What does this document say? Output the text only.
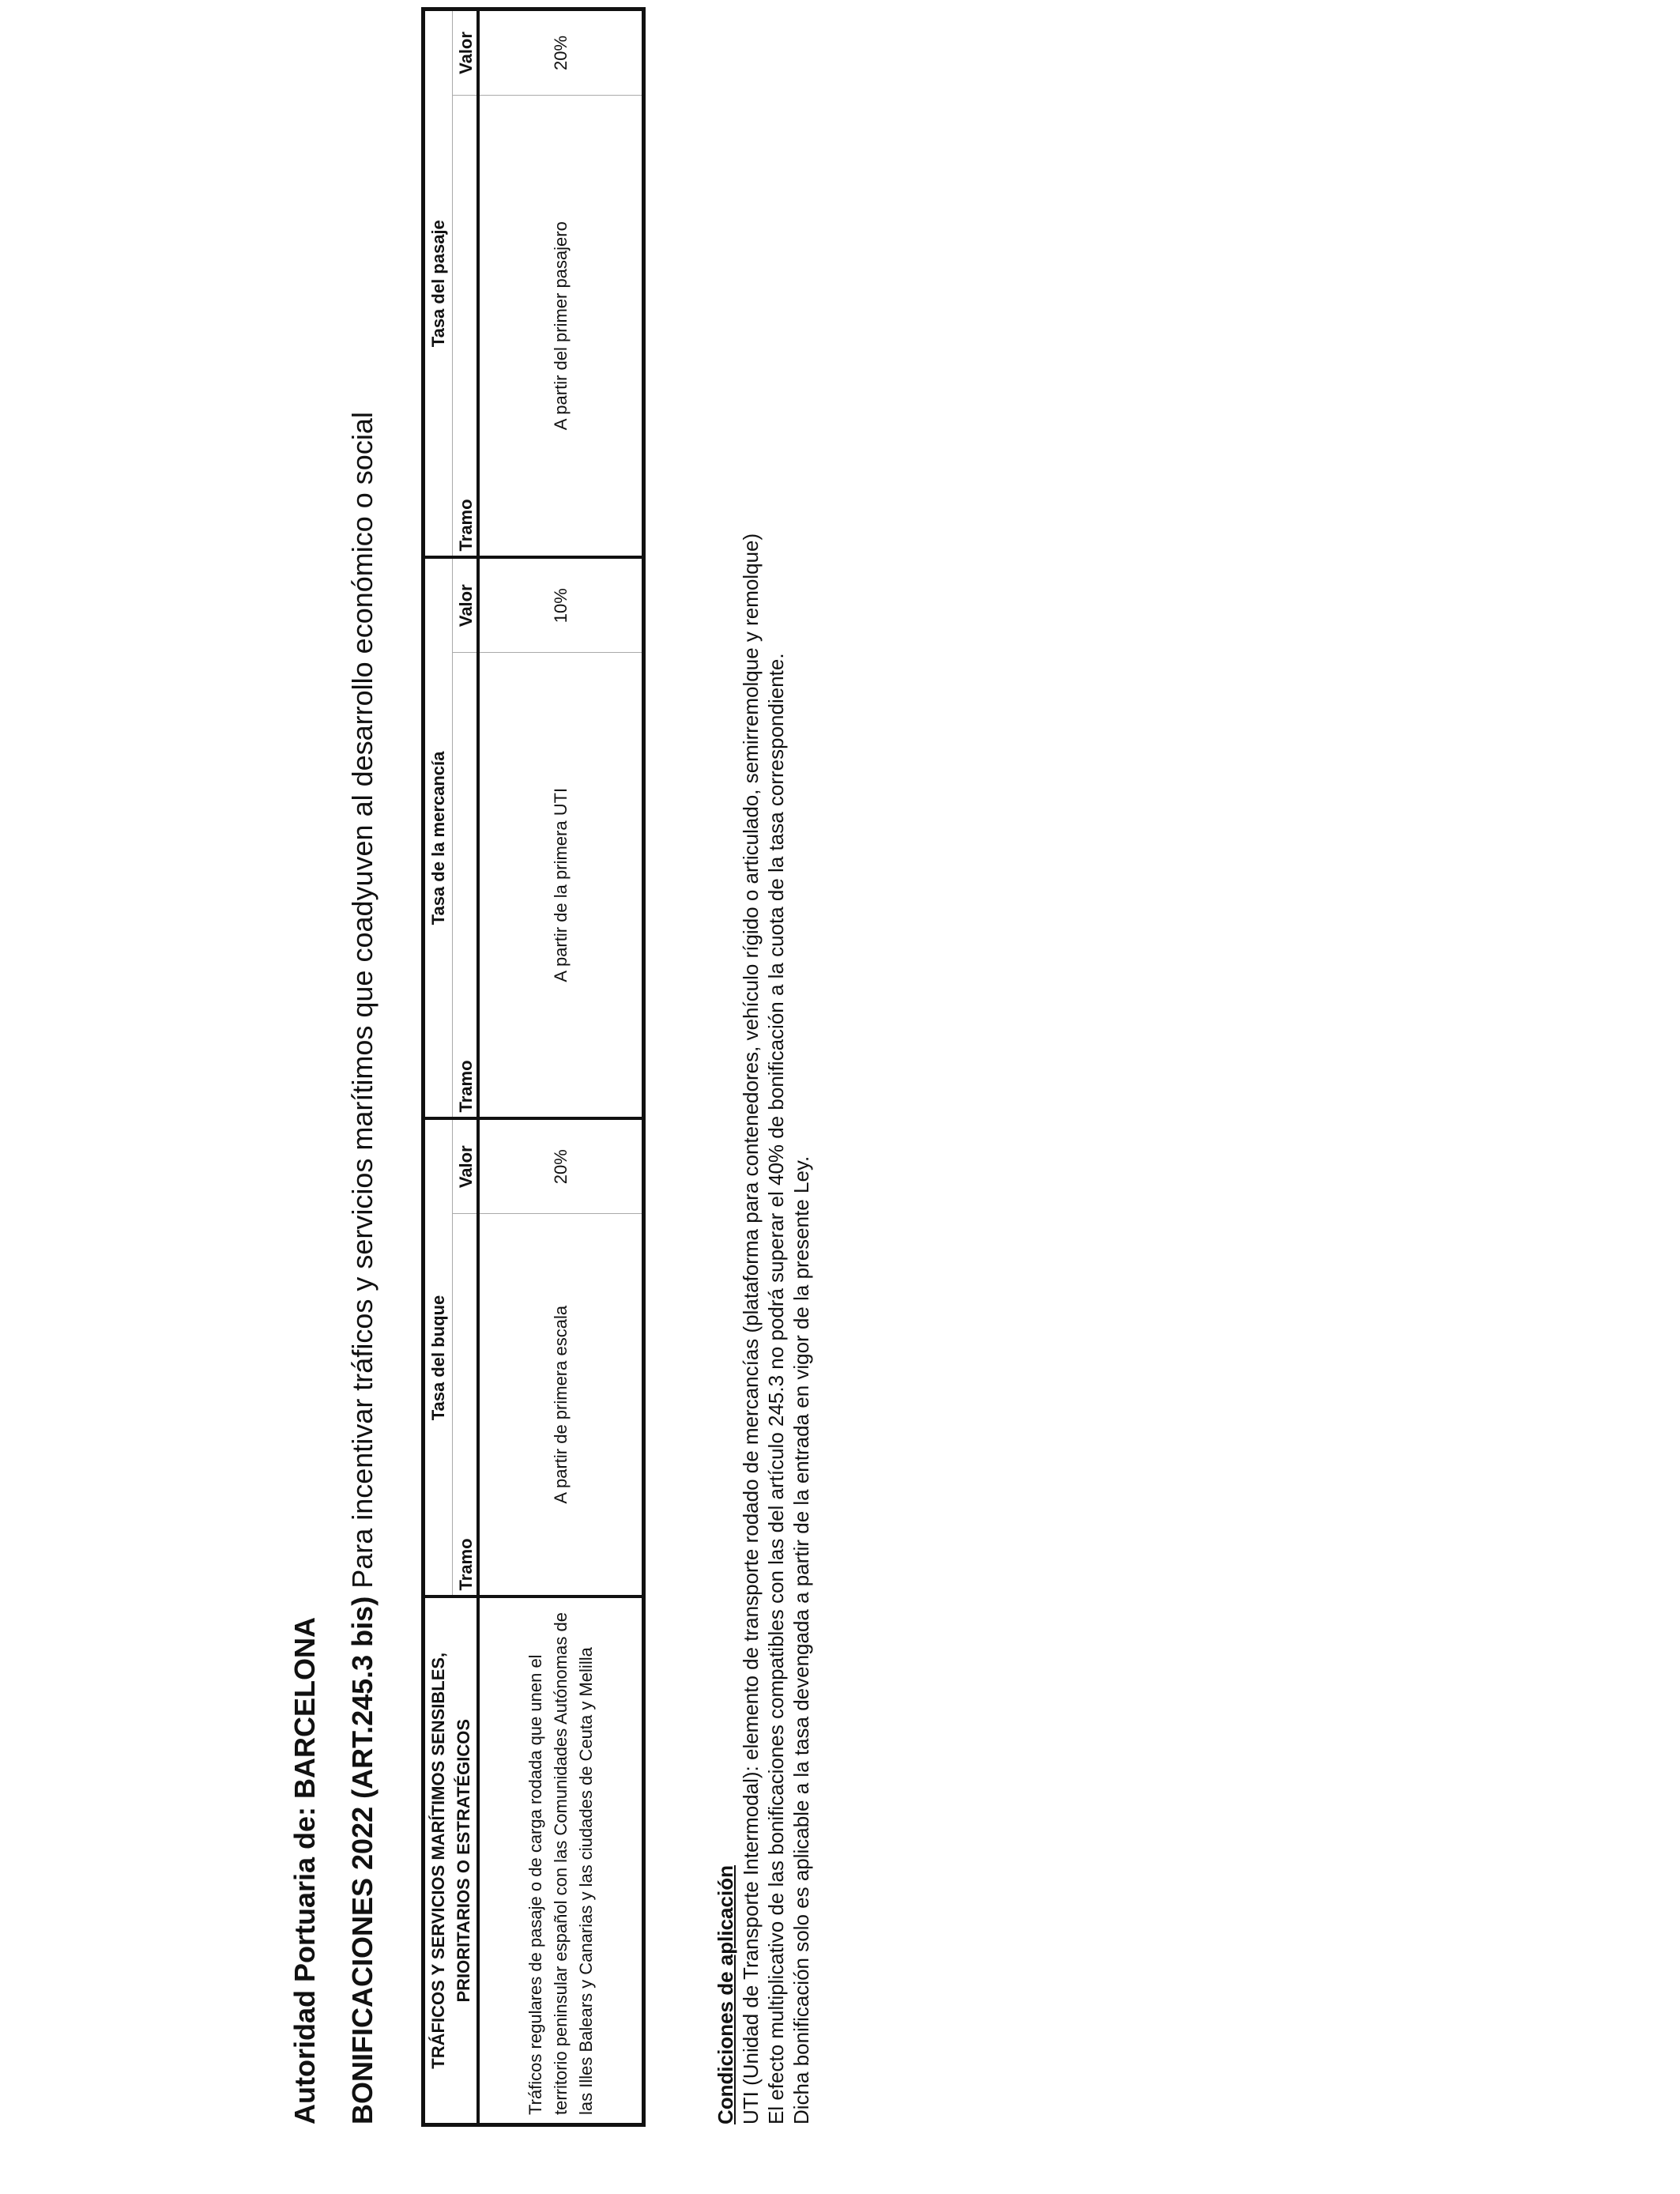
Autoridad Portuaria de: BARCELONA BONIFICACIONES 2022 (ART.245.3 bis) Para incentivar tráficos y servicios marítimos que coadyuven al desarrollo económico o social
TRÁFICOS Y SERVICIOS MARÍTIMOS SENSIBLES, PRIORITARIOS O ESTRATÉGICOS	Tasa del buque		Tasa de la mercancía		Tasa del pasaje	
	Tramo	Valor	Tramo	Valor	Tramo	Valor
Tráficos regulares de pasaje o de carga rodada que unen el territorio peninsular español con las Comunidades Autónomas de las Illes Balears y Canarias y las ciudades de Ceuta y Melilla	A partir de primera escala	20%	A partir de la primera UTI	10%	A partir del primer pasajero	20%
Condiciones de aplicación UTI (Unidad de Transporte Intermodal): elemento de transporte rodado de mercancías (plataforma para contenedores, vehículo rígido o articulado, semirremolque y remolque) El efecto multiplicativo de las bonificaciones compatibles con las del artículo 245.3 no podrá superar el 40% de bonificación a la cuota de la tasa correspondiente. Dicha bonificación solo es aplicable a la tasa devengada a partir de la entrada en vigor de la presente Ley.
